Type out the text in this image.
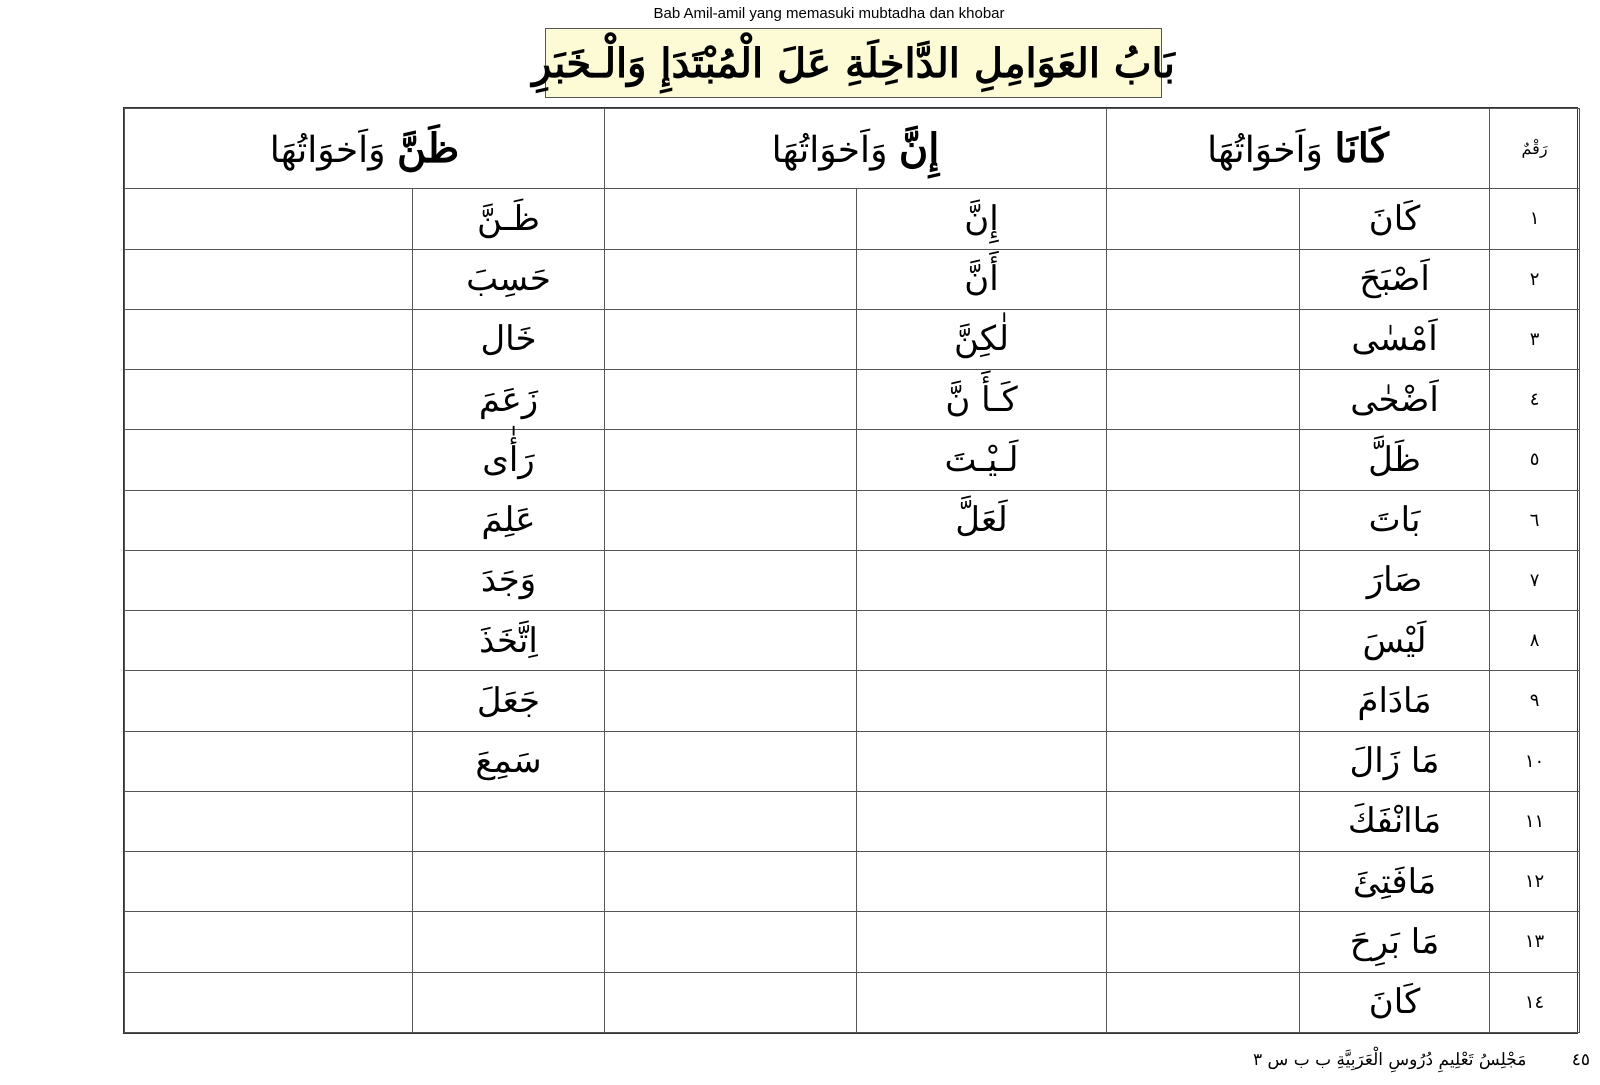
Bab Amil-amil yang memasuki mubtadha dan khobar
بَابُ العَوَامِلِ الدَّاخِلَةِ عَلَ الْمُبْتَدَإِ وَالْـخَبَرِ
رَقْمٌ	كَانَا وَاَخوَاتُهَا		إِنَّ وَاَخوَاتُهَا		ظَنَّ وَاَخوَاتُهَا	
١	كَانَ		إِنَّ		ظَـنَّ	
٢	اَصْبَحَ		أَنَّ		حَسِبَ	
٣	اَمْسٰى		لٰكِنَّ		خَال	
٤	اَضْحٰى		كَـأَ نَّ		زَعَمَ	
٥	ظَلَّ		لَـيْـتَ		رَأٰى	
٦	بَاتَ		لَعَلَّ		عَلِمَ	
٧	صَارَ				وَجَدَ	
٨	لَيْسَ				اِتَّخَذَ	
٩	مَادَامَ				جَعَلَ	
١٠	مَا زَالَ				سَمِعَ	
١١	مَاانْفَكَ					
١٢	مَافَتِئَ					
١٣	مَا بَرِحَ					
١٤	كَانَ					
٤٥ مَجْلِسُ تَعْلِيمِ دُرُوسِ الْعَرَبِيَّةِ ب ب س ٣
